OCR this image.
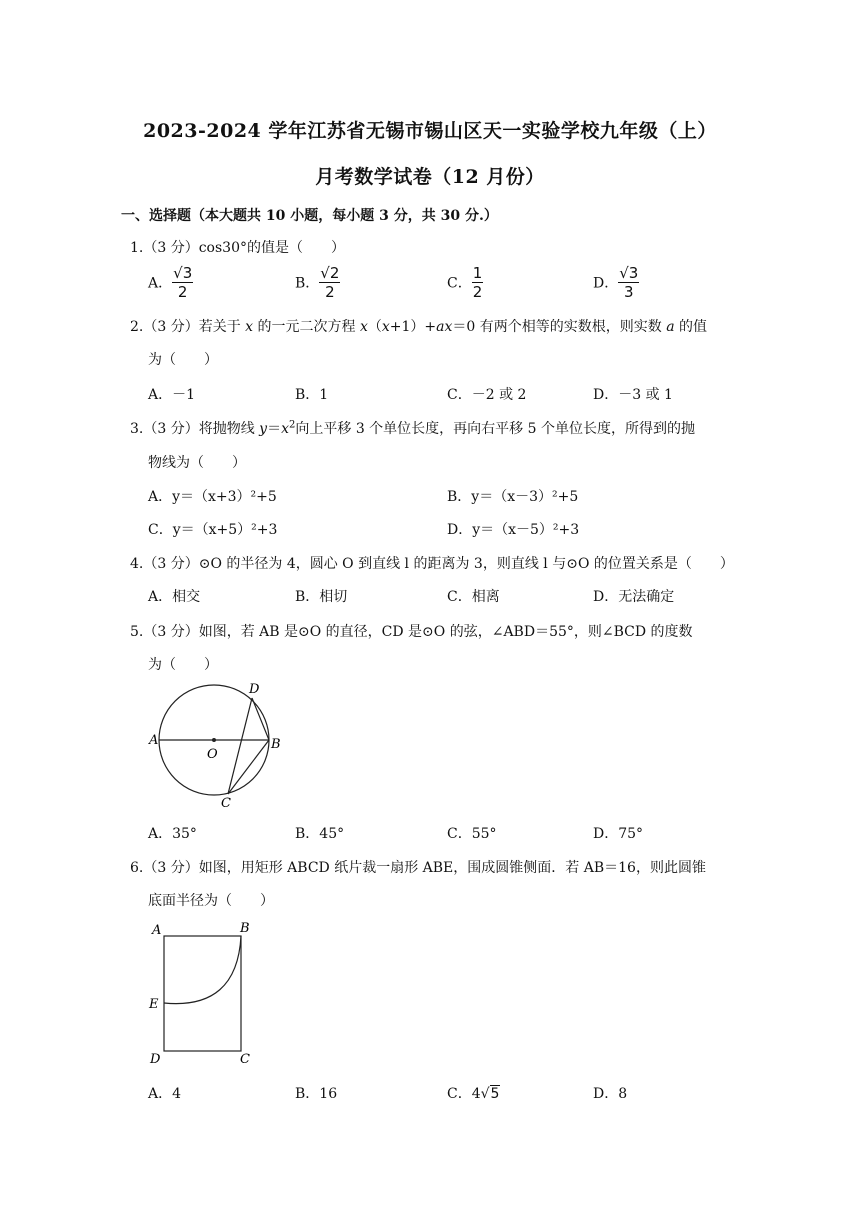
2023-2024 学年江苏省无锡市锡山区天一实验学校九年级（上）
月考数学试卷（12 月份）
一、选择题（本大题共 10 小题，每小题 3 分，共 30 分.）
1.（3 分）cos30°的值是（　　）
A． $\frac{√3}{2}$	B． $\frac{√2}{2}$	C． $\frac{1}{2}$	D． $\frac{√3}{3}$
2.（3 分）若关于 x 的一元二次方程 x（x+1）+ax＝0 有两个相等的实数根，则实数 a 的值
为（　　）
A．－1	B．1	C．－2 或 2	D．－3 或 1
3.（3 分）将抛物线 $y=x^2$向上平移 3 个单位长度，再向右平移 5 个单位长度，所得到的抛
物线为（　　）
A．y＝（x+3）²+5	B．y＝（x－3）²+5
C．y＝（x+5）²+3	D．y＝（x－5）²+3
4.（3 分）⊙O 的半径为 4，圆心 O 到直线 l 的距离为 3，则直线 l 与⊙O 的位置关系是（　　）
A．相交	B．相切	C．相离	D．无法确定
5.（3 分）如图，若 AB 是⊙O 的直径，CD 是⊙O 的弦，∠ABD＝55°，则∠BCD 的度数
为（　　）
A	B
C
D
O
A．35°	B．45°	C．55°	D．75°
6.（3 分）如图，用矩形 ABCD 纸片裁一扇形 ABE，围成圆锥侧面．若 AB＝16，则此圆锥
底面半径为（　　）
A	B
C
D
E
A．4	B．16	C．4√5	D．8
